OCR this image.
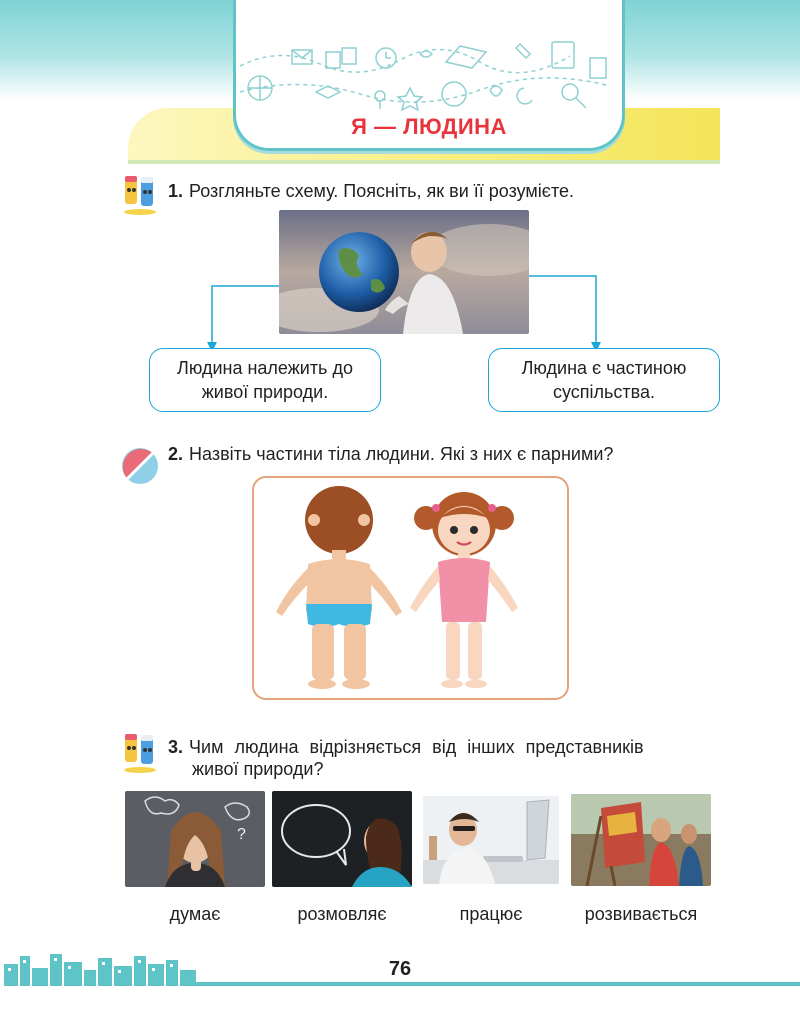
Я — ЛЮДИНА
1. Розгляньте схему. Поясніть, як ви її розумієте.
Людина належить до живої природи.
Людина є частиною суспільства.
2. Назвіть частини тіла людини. Які з них є парними?
3. Чим людина відрізняється від інших представників
живої природи?
?
думає	розмовляє	працює	розвивається
76
